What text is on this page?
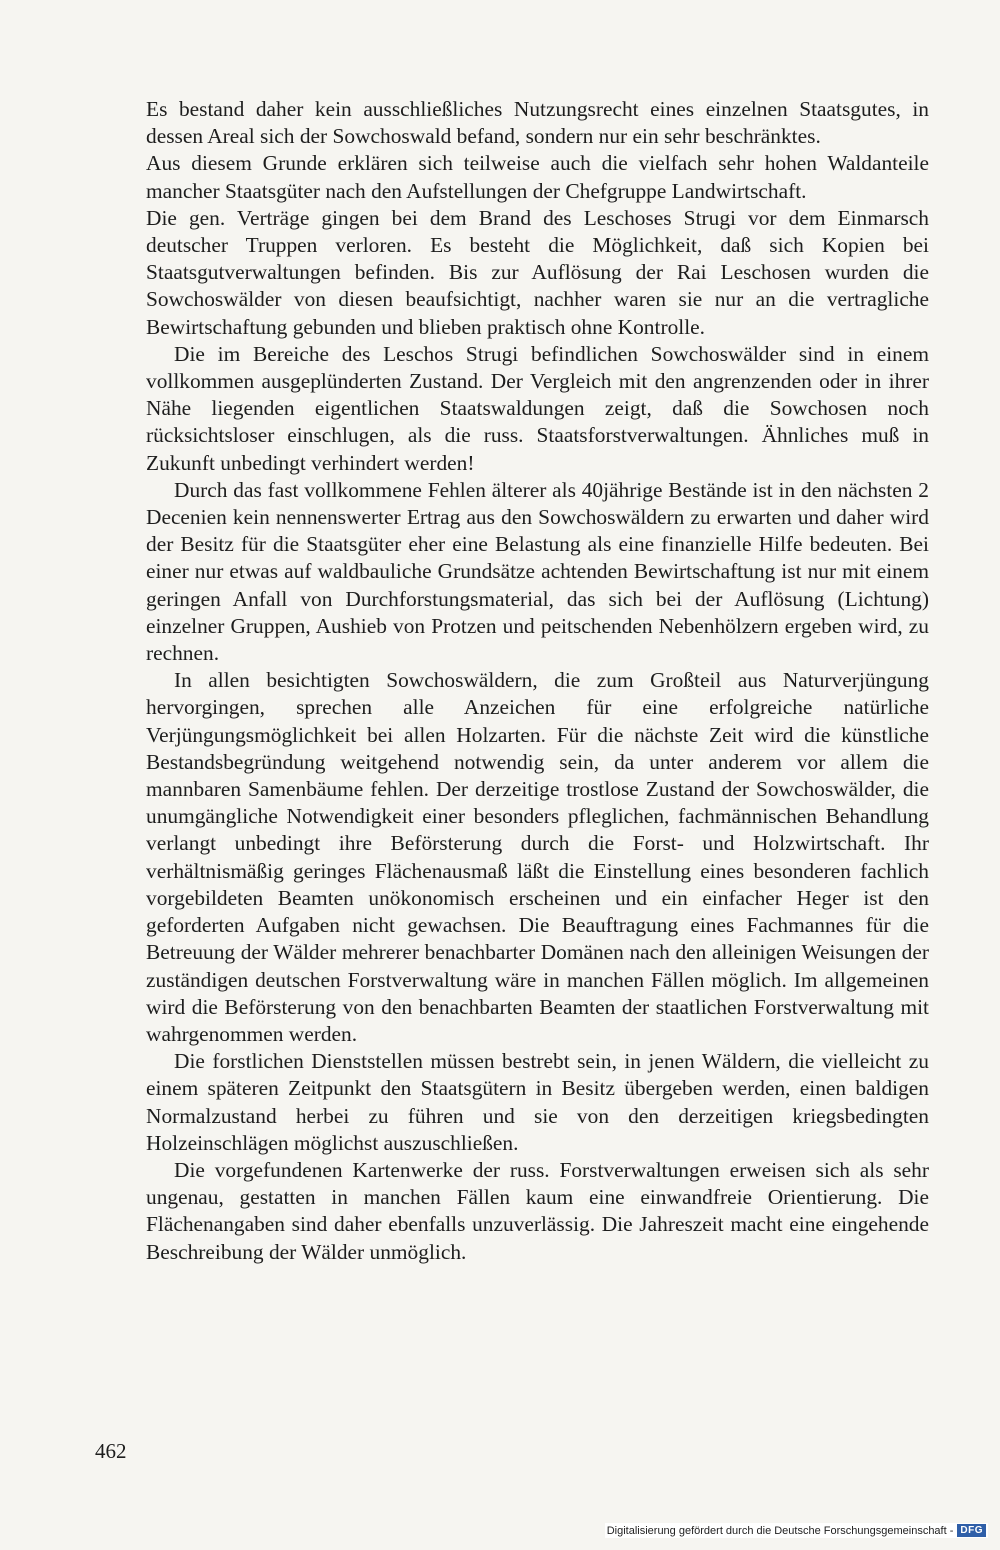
Es bestand daher kein ausschließliches Nutzungsrecht eines einzelnen Staatsgutes, in dessen Areal sich der Sowchoswald befand, sondern nur ein sehr beschränktes.

Aus diesem Grunde erklären sich teilweise auch die vielfach sehr hohen Waldanteile mancher Staatsgüter nach den Aufstellungen der Chefgruppe Landwirtschaft.

Die gen. Verträge gingen bei dem Brand des Leschoses Strugi vor dem Einmarsch deutscher Truppen verloren. Es besteht die Möglichkeit, daß sich Kopien bei Staatsgutverwaltungen befinden. Bis zur Auflösung der Rai Leschosen wurden die Sowchoswälder von diesen beaufsichtigt, nachher waren sie nur an die vertragliche Bewirtschaftung gebunden und blieben praktisch ohne Kontrolle.

Die im Bereiche des Leschos Strugi befindlichen Sowchoswälder sind in einem vollkommen ausgeplünderten Zustand. Der Vergleich mit den angrenzenden oder in ihrer Nähe liegenden eigentlichen Staatswaldungen zeigt, daß die Sowchosen noch rücksichtsloser einschlugen, als die russ. Staatsforstverwaltungen. Ähnliches muß in Zukunft unbedingt verhindert werden!

Durch das fast vollkommene Fehlen älterer als 40jährige Bestände ist in den nächsten 2 Decenien kein nennenswerter Ertrag aus den Sowchoswäldern zu erwarten und daher wird der Besitz für die Staatsgüter eher eine Belastung als eine finanzielle Hilfe bedeuten. Bei einer nur etwas auf waldbauliche Grundsätze achtenden Bewirtschaftung ist nur mit einem geringen Anfall von Durchforstungsmaterial, das sich bei der Auflösung (Lichtung) einzelner Gruppen, Aushieb von Protzen und peitschenden Nebenhölzern ergeben wird, zu rechnen.

In allen besichtigten Sowchoswäldern, die zum Großteil aus Naturverjüngung hervorgingen, sprechen alle Anzeichen für eine erfolgreiche natürliche Verjüngungsmöglichkeit bei allen Holzarten. Für die nächste Zeit wird die künstliche Bestandsbegründung weitgehend notwendig sein, da unter anderem vor allem die mannbaren Samenbäume fehlen. Der derzeitige trostlose Zustand der Sowchoswälder, die unumgängliche Notwendigkeit einer besonders pfleglichen, fachmännischen Behandlung verlangt unbedingt ihre Beförsterung durch die Forst- und Holzwirtschaft. Ihr verhältnismäßig geringes Flächenausmaß läßt die Einstellung eines besonderen fachlich vorgebildeten Beamten unökonomisch erscheinen und ein einfacher Heger ist den geforderten Aufgaben nicht gewachsen. Die Beauftragung eines Fachmannes für die Betreuung der Wälder mehrerer benachbarter Domänen nach den alleinigen Weisungen der zuständigen deutschen Forstverwaltung wäre in manchen Fällen möglich. Im allgemeinen wird die Beförsterung von den benachbarten Beamten der staatlichen Forstverwaltung mit wahrgenommen werden.

Die forstlichen Dienststellen müssen bestrebt sein, in jenen Wäldern, die vielleicht zu einem späteren Zeitpunkt den Staatsgütern in Besitz übergeben werden, einen baldigen Normalzustand herbei zu führen und sie von den derzeitigen kriegsbedingten Holzeinschlägen möglichst auszuschließen.

Die vorgefundenen Kartenwerke der russ. Forstverwaltungen erweisen sich als sehr ungenau, gestatten in manchen Fällen kaum eine einwandfreie Orientierung. Die Flächenangaben sind daher ebenfalls unzuverlässig. Die Jahreszeit macht eine eingehende Beschreibung der Wälder unmöglich.

462
Digitalisierung gefördert durch die Deutsche Forschungsgemeinschaft - DFG
